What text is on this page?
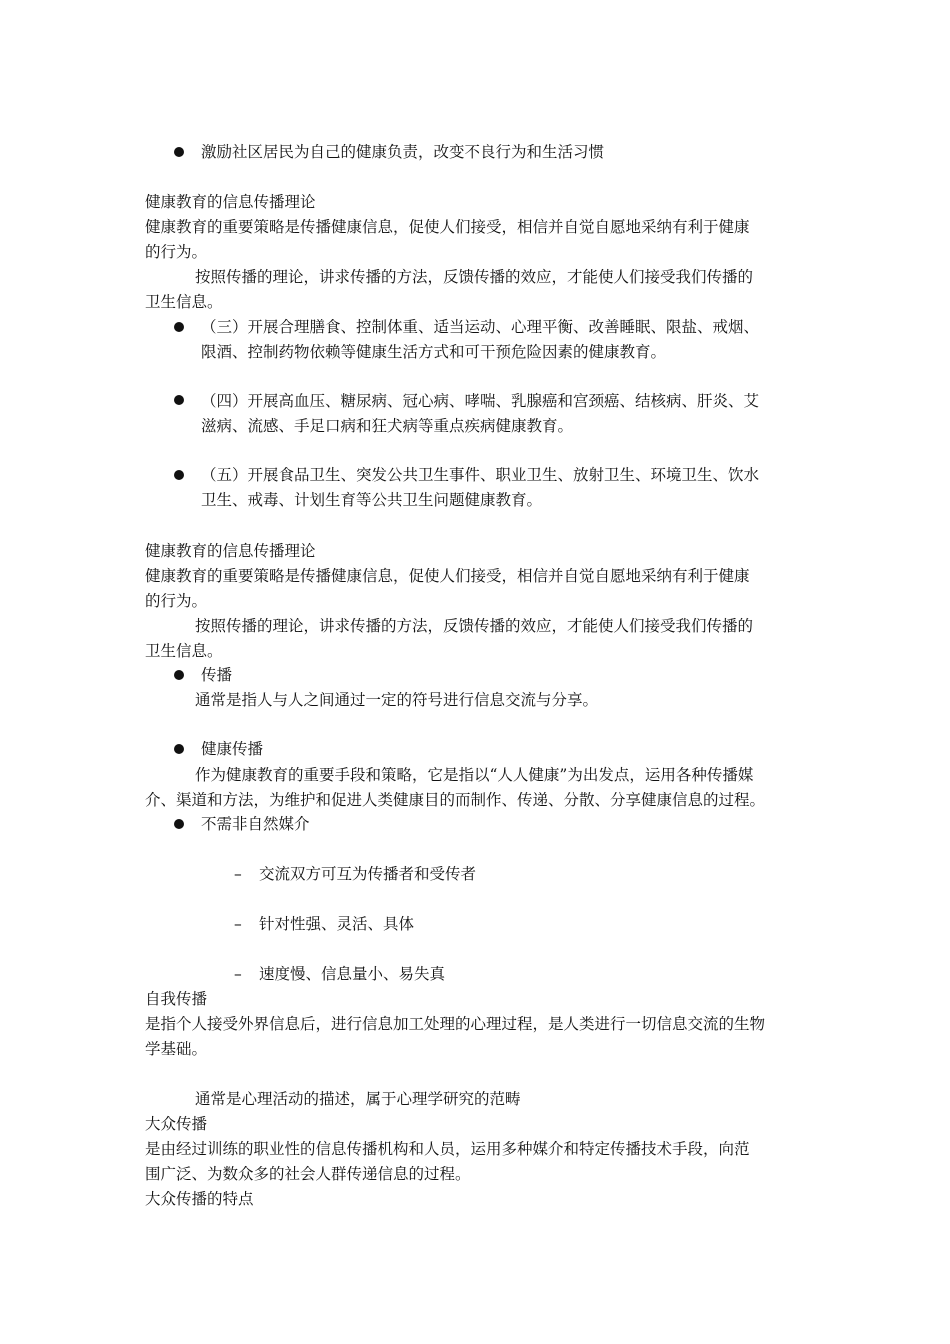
激励社区居民为自己的健康负责，改变不良行为和生活习惯
健康教育的信息传播理论
健康教育的重要策略是传播健康信息，促使人们接受，相信并自觉自愿地采纳有利于健康
的行为。
按照传播的理论，讲求传播的方法，反馈传播的效应，才能使人们接受我们传播的
卫生信息。
（三）开展合理膳食、控制体重、适当运动、心理平衡、改善睡眠、限盐、戒烟、
限酒、控制药物依赖等健康生活方式和可干预危险因素的健康教育。
（四）开展高血压、糖尿病、冠心病、哮喘、乳腺癌和宫颈癌、结核病、肝炎、艾
滋病、流感、手足口病和狂犬病等重点疾病健康教育。
（五）开展食品卫生、突发公共卫生事件、职业卫生、放射卫生、环境卫生、饮水
卫生、戒毒、计划生育等公共卫生问题健康教育。
健康教育的信息传播理论
健康教育的重要策略是传播健康信息，促使人们接受，相信并自觉自愿地采纳有利于健康
的行为。
按照传播的理论，讲求传播的方法，反馈传播的效应，才能使人们接受我们传播的
卫生信息。
传播
通常是指人与人之间通过一定的符号进行信息交流与分享。
健康传播
作为健康教育的重要手段和策略，它是指以“人人健康”为出发点，运用各种传播媒
介、渠道和方法，为维护和促进人类健康目的而制作、传递、分散、分享健康信息的过程。
不需非自然媒介
– 交流双方可互为传播者和受传者
– 针对性强、灵活、具体
– 速度慢、信息量小、易失真
自我传播
是指个人接受外界信息后，进行信息加工处理的心理过程，是人类进行一切信息交流的生物
学基础。
通常是心理活动的描述，属于心理学研究的范畴
大众传播
是由经过训练的职业性的信息传播机构和人员，运用多种媒介和特定传播技术手段，向范
围广泛、为数众多的社会人群传递信息的过程。
大众传播的特点
